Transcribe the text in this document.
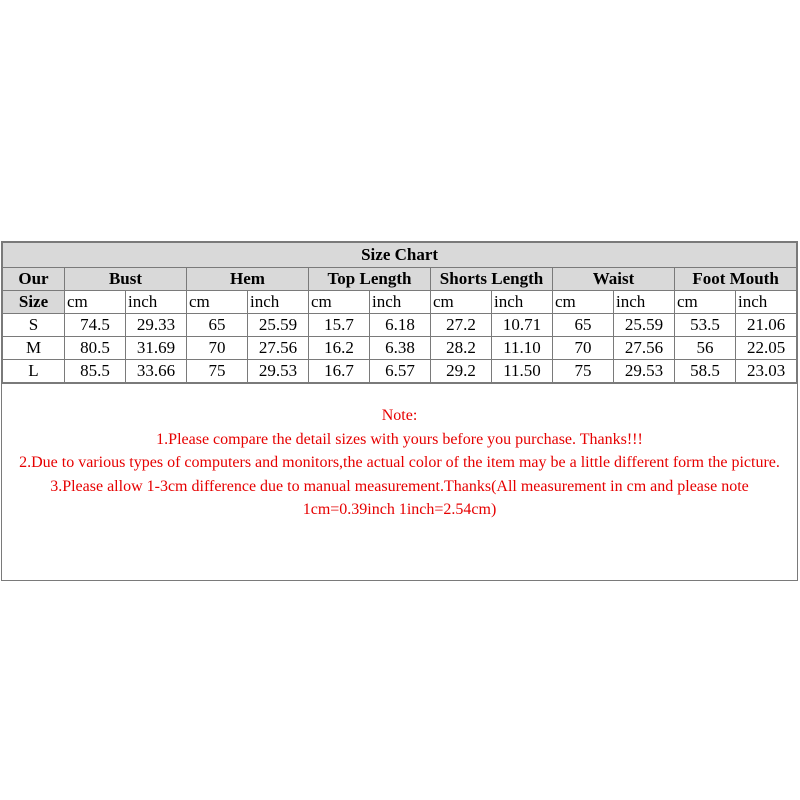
Size Chart												
Our	Bust		Hem		Top Length		Shorts Length		Waist		Foot Mouth	
Size	cm	inch	cm	inch	cm	inch	cm	inch	cm	inch	cm	inch
S	74.5	29.33	65	25.59	15.7	6.18	27.2	10.71	65	25.59	53.5	21.06
M	80.5	31.69	70	27.56	16.2	6.38	28.2	11.10	70	27.56	56	22.05
L	85.5	33.66	75	29.53	16.7	6.57	29.2	11.50	75	29.53	58.5	23.03
Note:
1.Please compare the detail sizes with yours before you purchase. Thanks!!!
2.Due to various types of computers and monitors,the actual color of the item may be a little different form the picture.
3.Please allow 1-3cm difference due to manual measurement.Thanks(All measurement in cm and please note 1cm=0.39inch 1inch=2.54cm)
